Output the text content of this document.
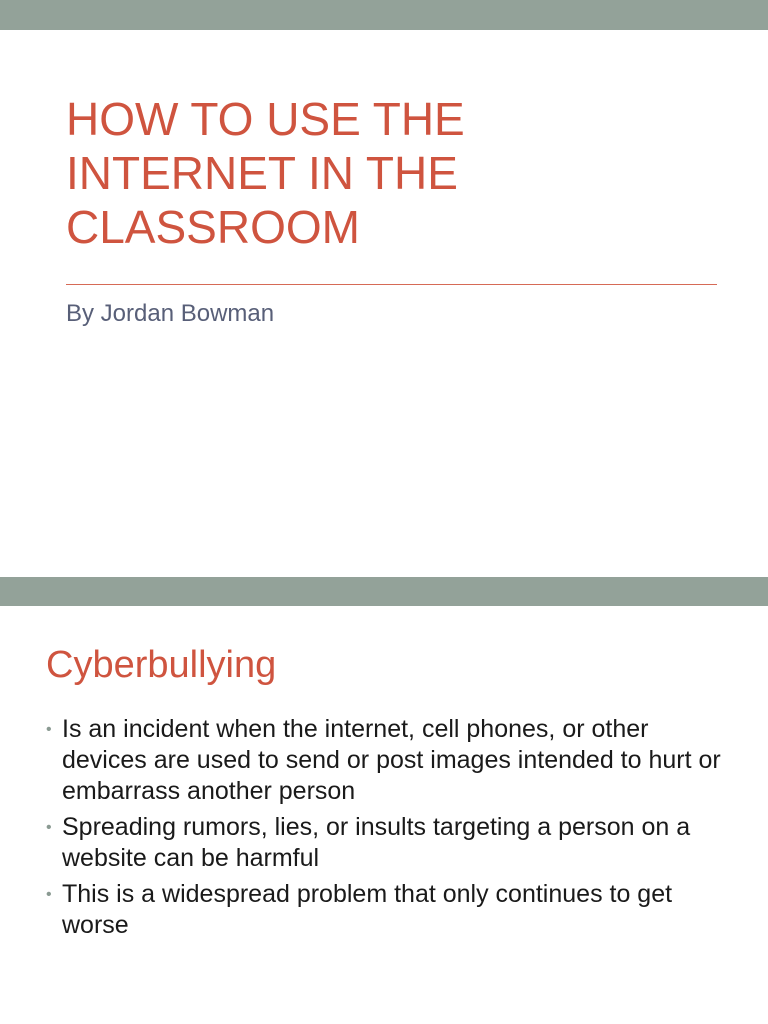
HOW TO USE THE
INTERNET IN THE
CLASSROOM
By Jordan Bowman
Cyberbullying
• Is an incident when the internet, cell phones, or other devices are used to send or post images intended to hurt or embarrass another person
• Spreading rumors, lies, or insults targeting a person on a website can be harmful
• This is a widespread problem that only continues to get worse
